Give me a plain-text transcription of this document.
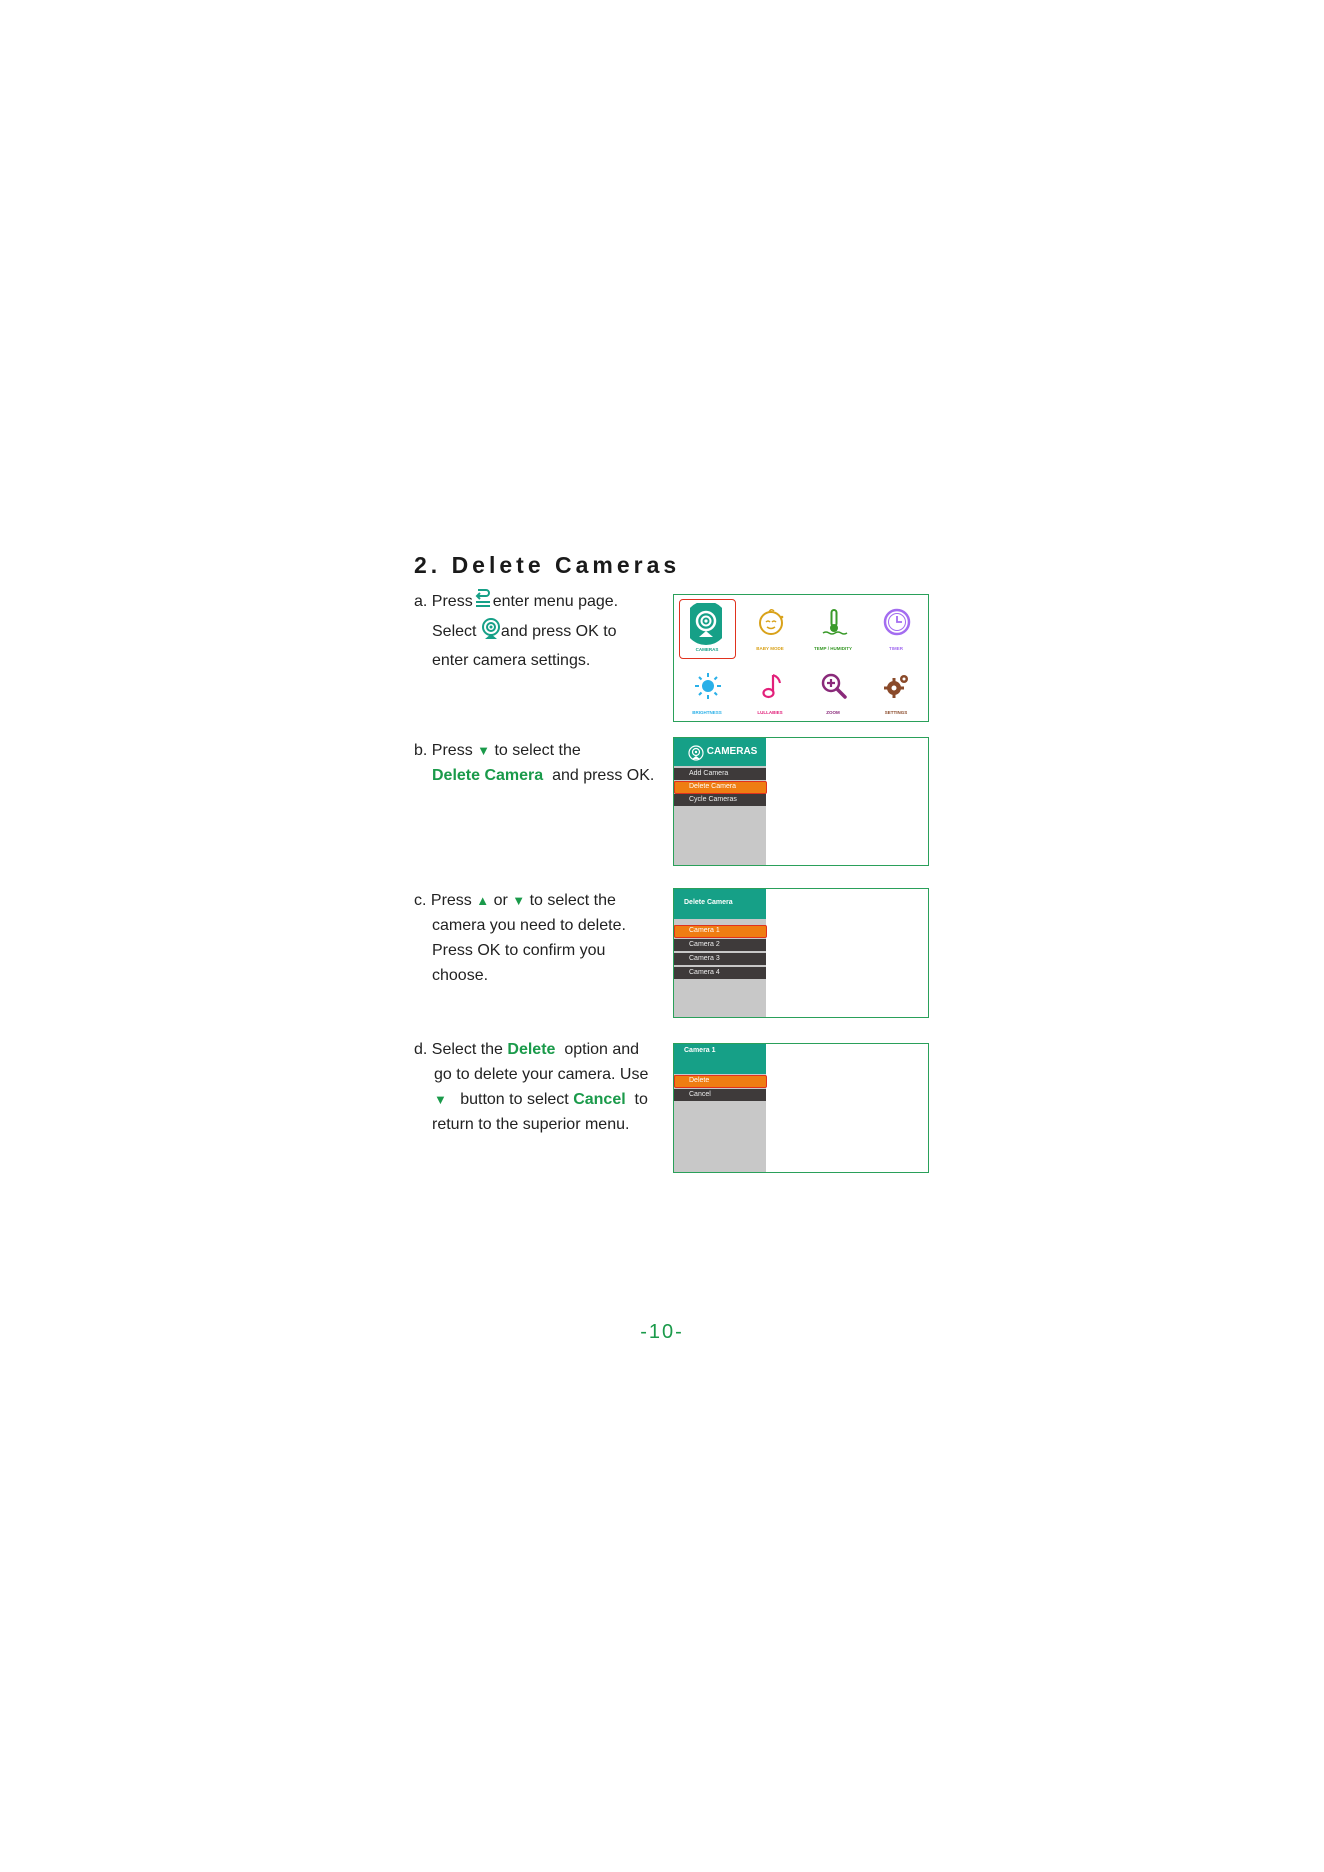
2. Delete Cameras
a. Press enter menu page.
Select and press OK to
enter camera settings.
CAMERAS	BABY MODE	TEMP / HUMIDITY	TIMER
BRIGHTNESS	LULLABIES	ZOOM	SETTINGS
b. Press ▼ to select the
Delete Camera and press OK.
CAMERAS
Add Camera
Delete Camera
Cycle Cameras
c. Press ▲ or ▼ to select the
camera you need to delete.
Press OK to confirm you
choose.
Delete Camera
Camera 1
Camera 2
Camera 3
Camera 4
d. Select the Delete option and
go to delete your camera. Use
▼ button to select Cancel to
return to the superior menu.
Camera 1
Delete
Cancel
-10-
